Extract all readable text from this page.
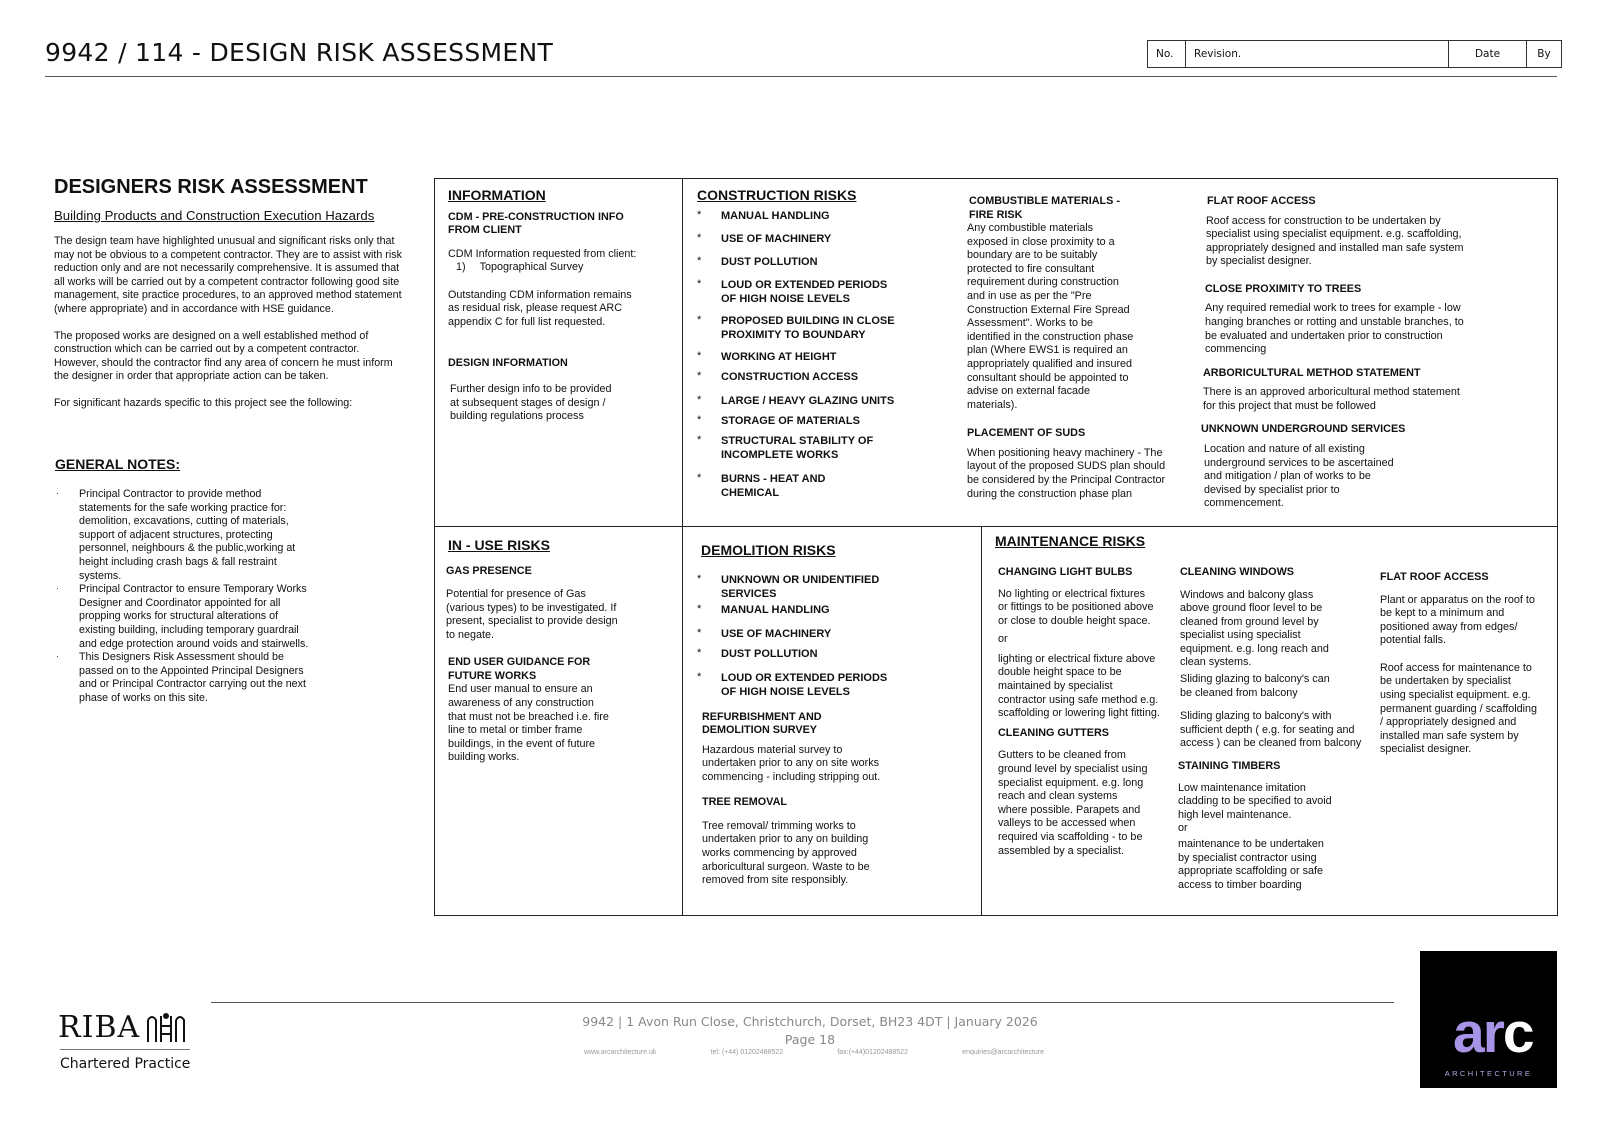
9942 / 114 - DESIGN RISK ASSESSMENT	No.	Revision.	Date	By
DESIGNERS RISK ASSESSMENT
Building Products and Construction Execution Hazards

The design team have highlighted unusual and significant risks only that
may not be obvious to a competent contractor. They are to assist with risk
reduction only and are not necessarily comprehensive. It is assumed that
all works will be carried out by a competent contractor following good site
management, site practice procedures, to an approved method statement
(where appropriate) and in accordance with HSE guidance.

The proposed works are designed on a well established method of
construction which can be carried out by a competent contractor.
However, should the contractor find any area of concern he must inform
the designer in order that appropriate action can be taken.

For significant hazards specific to this project see the following:

GENERAL NOTES:
· Principal Contractor to provide method
statements for the safe working practice for:
demolition, excavations, cutting of materials,
support of adjacent structures, protecting
personnel, neighbours & the public,working at
height including crash bags & fall restraint
systems.
· Principal Contractor to ensure Temporary Works
Designer and Coordinator appointed for all
propping works for structural alterations of
existing building, including temporary guardrail
and edge protection around voids and stairwells.
· This Designers Risk Assessment should be
passed on to the Appointed Principal Designers
and or Principal Contractor carrying out the next
phase of works on this site.
INFORMATION
CDM - PRE-CONSTRUCTION INFO
FROM CLIENT
CDM Information requested from client:
1) Topographical Survey
Outstanding CDM information remains
as residual risk, please request ARC
appendix C for full list requested.
DESIGN INFORMATION
Further design info to be provided
at subsequent stages of design /
building regulations process
CONSTRUCTION RISKS
* MANUAL HANDLING
* USE OF MACHINERY
* DUST POLLUTION
* LOUD OR EXTENDED PERIODS
OF HIGH NOISE LEVELS
* PROPOSED BUILDING IN CLOSE
PROXIMITY TO BOUNDARY
* WORKING AT HEIGHT
* CONSTRUCTION ACCESS
* LARGE / HEAVY GLAZING UNITS
* STORAGE OF MATERIALS
* STRUCTURAL STABILITY OF
INCOMPLETE WORKS
* BURNS - HEAT AND
CHEMICAL
COMBUSTIBLE MATERIALS -
FIRE RISK
Any combustible materials
exposed in close proximity to a
boundary are to be suitably
protected to fire consultant
requirement during construction
and in use as per the "Pre
Construction External Fire Spread
Assessment". Works to be
identified in the construction phase
plan (Where EWS1 is required an
appropriately qualified and insured
consultant should be appointed to
advise on external facade
materials).
PLACEMENT OF SUDS
When positioning heavy machinery - The
layout of the proposed SUDS plan should
be considered by the Principal Contractor
during the construction phase plan
FLAT ROOF ACCESS
Roof access for construction to be undertaken by
specialist using specialist equipment. e.g. scaffolding,
appropriately designed and installed man safe system
by specialist designer.
CLOSE PROXIMITY TO TREES
Any required remedial work to trees for example - low
hanging branches or rotting and unstable branches, to
be evaluated and undertaken prior to construction
commencing
ARBORICULTURAL METHOD STATEMENT
There is an approved arboricultural method statement
for this project that must be followed
UNKNOWN UNDERGROUND SERVICES
Location and nature of all existing
underground services to be ascertained
and mitigation / plan of works to be
devised by specialist prior to
commencement.
IN - USE RISKS
GAS PRESENCE
Potential for presence of Gas
(various types) to be investigated. If
present, specialist to provide design
to negate.
END USER GUIDANCE FOR
FUTURE WORKS
End user manual to ensure an
awareness of any construction
that must not be breached i.e. fire
line to metal or timber frame
buildings, in the event of future
building works.
DEMOLITION RISKS
* UNKNOWN OR UNIDENTIFIED
SERVICES
* MANUAL HANDLING
* USE OF MACHINERY
* DUST POLLUTION
* LOUD OR EXTENDED PERIODS
OF HIGH NOISE LEVELS
REFURBISHMENT AND
DEMOLITION SURVEY
Hazardous material survey to
undertaken prior to any on site works
commencing - including stripping out.
TREE REMOVAL
Tree removal/ trimming works to
undertaken prior to any on building
works commencing by approved
arboricultural surgeon. Waste to be
removed from site responsibly.
MAINTENANCE RISKS
CHANGING LIGHT BULBS
No lighting or electrical fixtures
or fittings to be positioned above
or close to double height space.
or
lighting or electrical fixture above
double height space to be
maintained by specialist
contractor using safe method e.g.
scaffolding or lowering light fitting.
CLEANING GUTTERS
Gutters to be cleaned from
ground level by specialist using
specialist equipment. e.g. long
reach and clean systems
where possible. Parapets and
valleys to be accessed when
required via scaffolding - to be
assembled by a specialist.
CLEANING WINDOWS
Windows and balcony glass
above ground floor level to be
cleaned from ground level by
specialist using specialist
equipment. e.g. long reach and
clean systems.
Sliding glazing to balcony's can
be cleaned from balcony
Sliding glazing to balcony's with
sufficient depth ( e.g. for seating and
access ) can be cleaned from balcony
STAINING TIMBERS
Low maintenance imitation
cladding to be specified to avoid
high level maintenance.
or
maintenance to be undertaken
by specialist contractor using
appropriate scaffolding or safe
access to timber boarding
FLAT ROOF ACCESS
Plant or apparatus on the roof to
be kept to a minimum and
positioned away from edges/
potential falls.
Roof access for maintenance to
be undertaken by specialist
using specialist equipment. e.g.
permanent guarding / scaffolding
/ appropriately designed and
installed man safe system by
specialist designer.
9942 | 1 Avon Run Close, Christchurch, Dorset, BH23 4DT | January 2026
Page 18
www.arcarchitecture.uk	tel: (+44) 01202488522	fax:(+44)01202488522	enquiries@arcarchitecture
RIBA
Chartered Practice	arc
ARCHITECTURE
